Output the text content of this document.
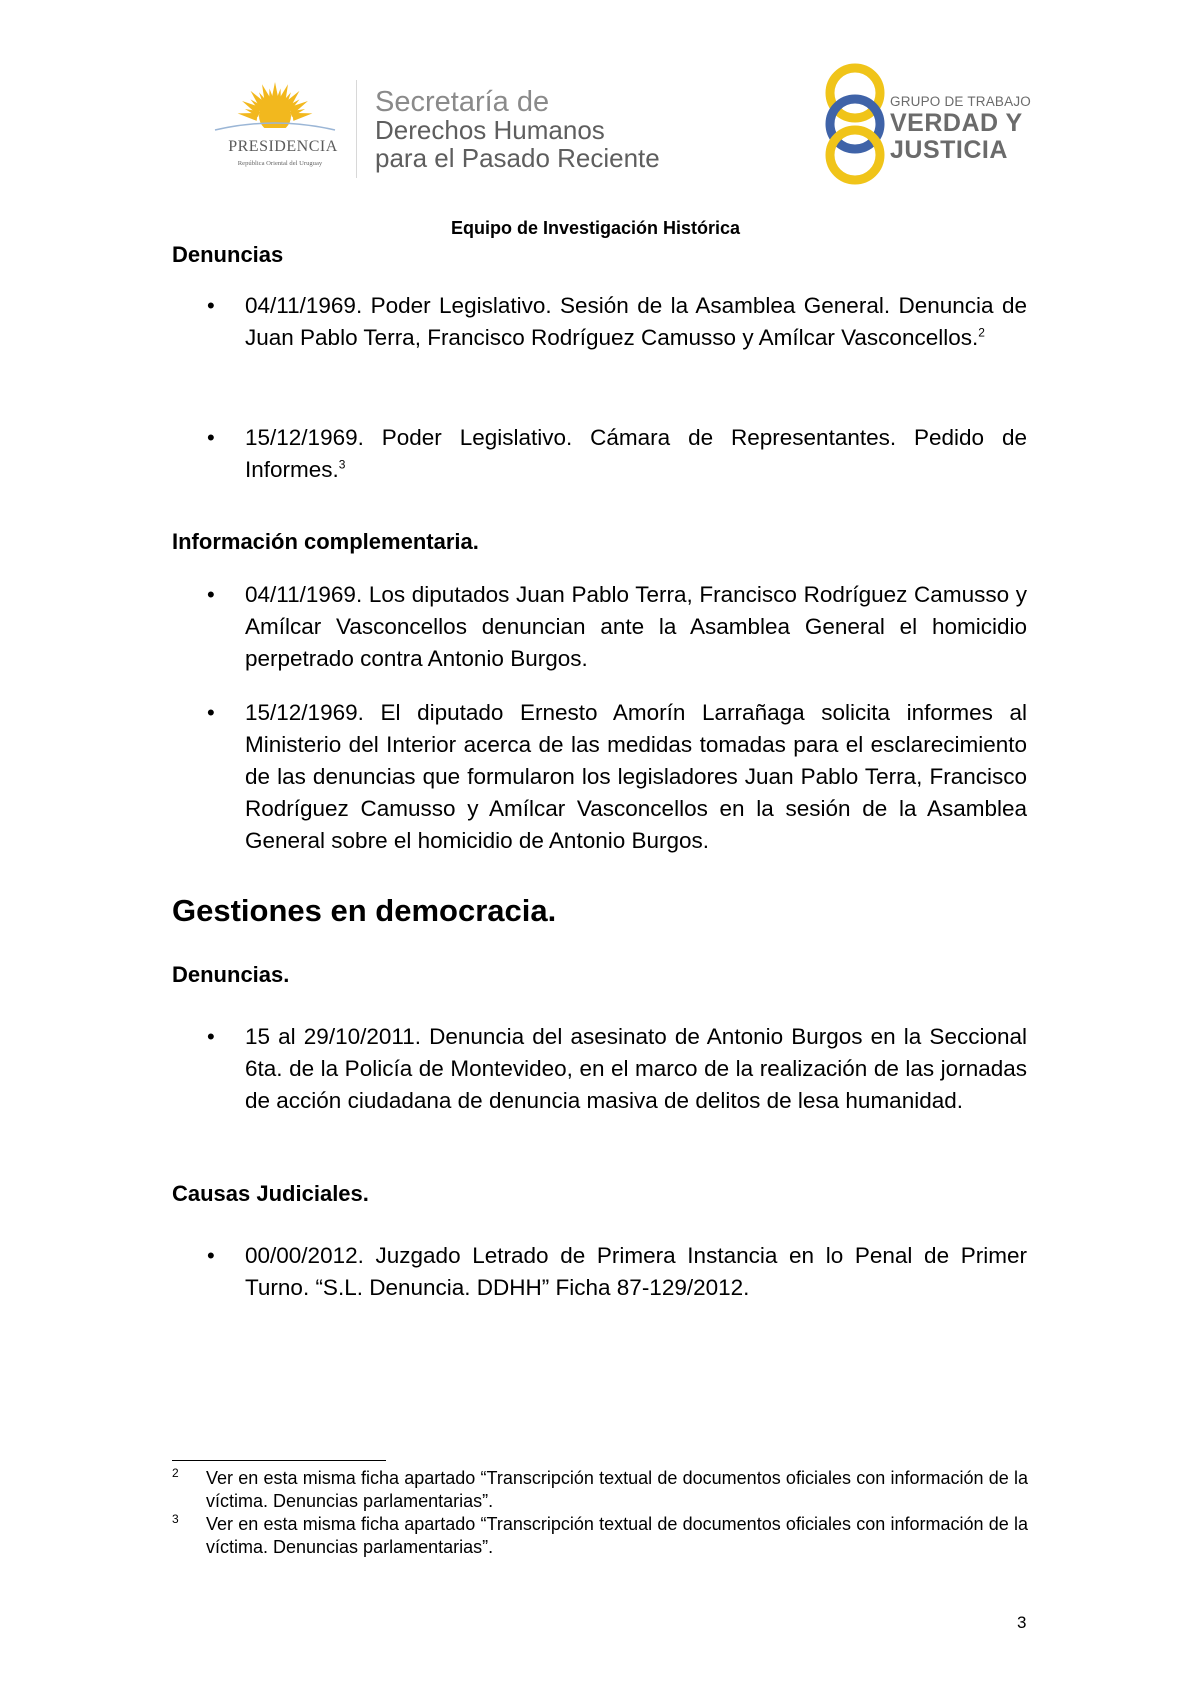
PRESIDENCIA
República Oriental del Uruguay
Secretaría de
Derechos Humanos
para el Pasado Reciente
GRUPO DE TRABAJO
VERDAD Y
JUSTICIA
Equipo de Investigación Histórica
Denuncias
• 04/11/1969. Poder Legislativo. Sesión de la Asamblea General. Denuncia de Juan Pablo Terra, Francisco Rodríguez Camusso y Amílcar Vasconcellos.$^2$
• 15/12/1969. Poder Legislativo. Cámara de Representantes. Pedido de Informes.$^3$
Información complementaria.
• 04/11/1969. Los diputados Juan Pablo Terra, Francisco Rodríguez Camusso y Amílcar Vasconcellos denuncian ante la Asamblea General el homicidio perpetrado contra Antonio Burgos.
• 15/12/1969. El diputado Ernesto Amorín Larrañaga solicita informes al Ministerio del Interior acerca de las medidas tomadas para el esclarecimiento de las denuncias que formularon los legisladores Juan Pablo Terra, Francisco Rodríguez Camusso y Amílcar Vasconcellos en la sesión de la Asamblea General sobre el homicidio de Antonio Burgos.
Gestiones en democracia.
Denuncias.
• 15 al 29/10/2011. Denuncia del asesinato de Antonio Burgos en la Seccional 6ta. de la Policía de Montevideo, en el marco de la realización de las jornadas de acción ciudadana de denuncia masiva de delitos de lesa humanidad.
Causas Judiciales.
• 00/00/2012. Juzgado Letrado de Primera Instancia en lo Penal de Primer Turno. “S.L. Denuncia. DDHH” Ficha 87-129/2012.
2 Ver en esta misma ficha apartado “Transcripción textual de documentos oficiales con información de la víctima. Denuncias parlamentarias”.
3 Ver en esta misma ficha apartado “Transcripción textual de documentos oficiales con información de la víctima. Denuncias parlamentarias”.
3
